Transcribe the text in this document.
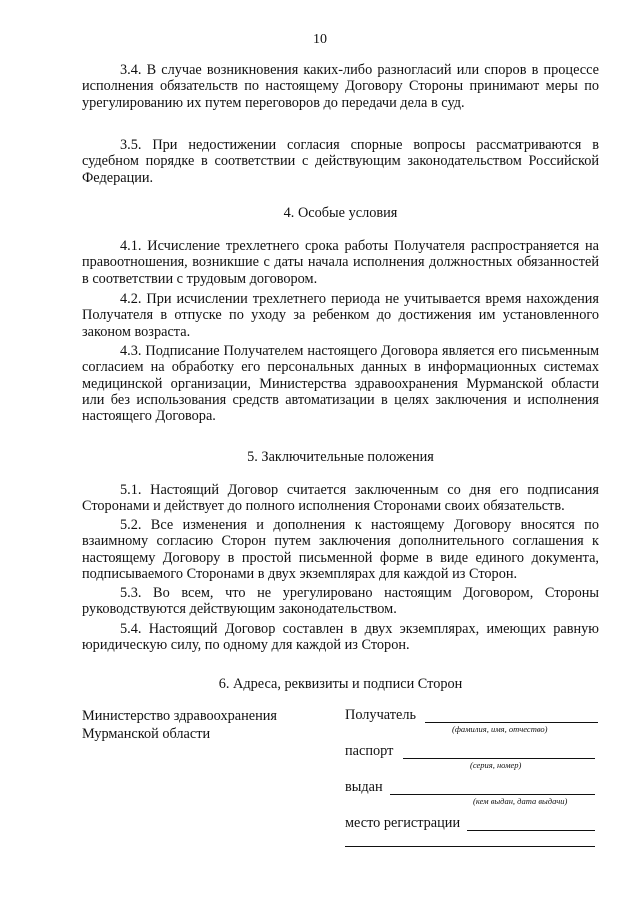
10
3.4. В случае возникновения каких-либо разногласий или споров в процессе исполнения обязательств по настоящему Договору Стороны принимают меры по урегулированию их путем переговоров до передачи дела в суд.
3.5. При недостижении согласия спорные вопросы рассматриваются в судебном порядке в соответствии с действующим законодательством Российской Федерации.
4. Особые условия
4.1. Исчисление трехлетнего срока работы Получателя распространяется на правоотношения, возникшие с даты начала исполнения должностных обязанностей в соответствии с трудовым договором.
4.2. При исчислении трехлетнего периода не учитывается время нахождения Получателя в отпуске по уходу за ребенком до достижения им установленного законом возраста.
4.3. Подписание Получателем настоящего Договора является его письменным согласием на обработку его персональных данных в информационных системах медицинской организации, Министерства здравоохранения Мурманской области или без использования средств автоматизации в целях заключения и исполнения настоящего Договора.
5. Заключительные положения
5.1. Настоящий Договор считается заключенным со дня его подписания Сторонами и действует до полного исполнения Сторонами своих обязательств.
5.2. Все изменения и дополнения к настоящему Договору вносятся по взаимному согласию Сторон путем заключения дополнительного соглашения к настоящему Договору в простой письменной форме в виде единого документа, подписываемого Сторонами в двух экземплярах для каждой из Сторон.
5.3. Во всем, что не урегулировано настоящим Договором, Стороны руководствуются действующим законодательством.
5.4. Настоящий Договор составлен в двух экземплярах, имеющих равную юридическую силу, по одному для каждой из Сторон.
6. Адреса, реквизиты и подписи Сторон
Министерство здравоохранения Мурманской области
Получатель
(фамилия, имя, отчество)
паспорт
(серия, номер)
выдан
(кем выдан, дата выдачи)
место регистрации
